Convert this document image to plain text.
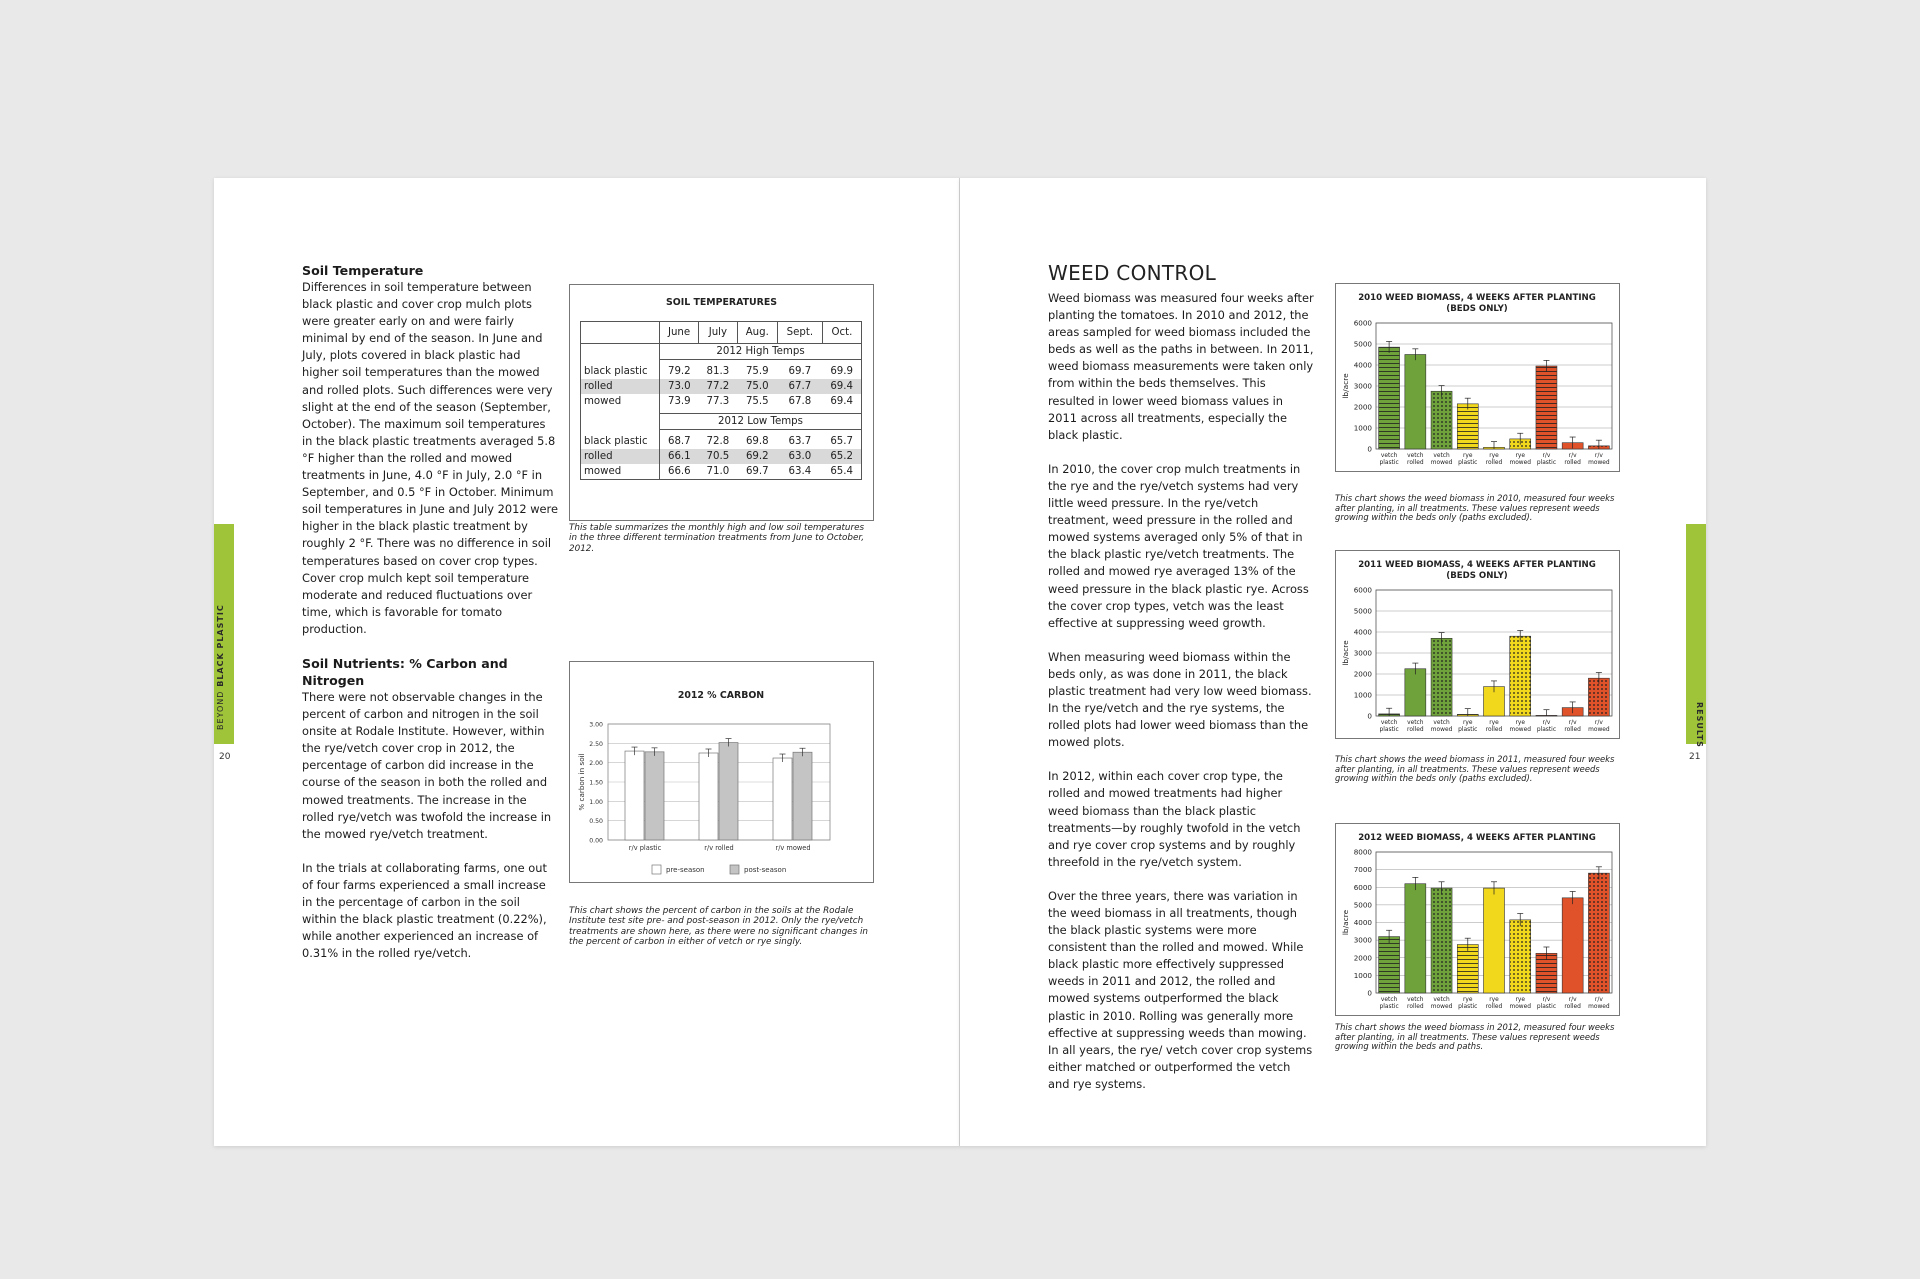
Soil Temperature

Differences in soil temperature between black plastic and cover crop mulch plots were greater early on and were fairly minimal by end of the season. In June and July, plots covered in black plastic had higher soil temperatures than the mowed and rolled plots. Such differences were very slight at the end of the season (September, October). The maximum soil temperatures in the black plastic treatments averaged 5.8 °F higher than the rolled and mowed treatments in June, 4.0 °F in July, 2.0 °F in September, and 0.5 °F in October. Minimum soil temperatures in June and July 2012 were higher in the black plastic treatment by roughly 2 °F. There was no difference in soil temperatures based on cover crop types. Cover crop mulch kept soil temperature moderate and reduced fluctuations over time, which is favorable for tomato production.

Soil Nutrients: % Carbon and Nitrogen

There were not observable changes in the percent of carbon and nitrogen in the soil onsite at Rodale Institute. However, within the rye/vetch cover crop in 2012, the percentage of carbon did increase in the course of the season in both the rolled and mowed treatments. The increase in the rolled rye/vetch was twofold the increase in the mowed rye/vetch treatment.

In the trials at collaborating farms, one out of four farms experienced a small increase in the percentage of carbon in the soil within the black plastic treatment (0.22%), while another experienced an increase of 0.31% in the rolled rye/vetch.

SOIL TEMPERATURES
	June	July	Aug.	Sept.	Oct.
	2012 High Temps				

black plastic	79.2	81.3	75.9	69.7	69.9
rolled	73.0	77.2	75.0	67.7	69.4
mowed	73.9	77.3	75.5	67.8	69.4

	2012 Low Temps				

black plastic	68.7	72.8	69.8	63.7	65.7
rolled	66.1	70.5	69.2	63.0	65.2
mowed	66.6	71.0	69.7	63.4	65.4
This table summarizes the monthly high and low soil temperatures in the three different termination treatments from June to October, 2012.
2012 % CARBON
0.00
0.50
1.00
1.50
2.00
2.50
3.00
% carbon in soil
r/v plastic	r/v rolled	r/v mowed
pre-season	post-season
This chart shows the percent of carbon in the soils at the Rodale Institute test site pre- and post-season in 2012. Only the rye/vetch treatments are shown here, as there were no significant changes in the percent of carbon in either of vetch or rye singly.
BEYOND BLACK PLASTIC
20
WEED CONTROL

Weed biomass was measured four weeks after planting the tomatoes. In 2010 and 2012, the areas sampled for weed biomass included the beds as well as the paths in between. In 2011, weed biomass measurements were taken only from within the beds themselves. This resulted in lower weed biomass values in 2011 across all treatments, especially the black plastic.

In 2010, the cover crop mulch treatments in the rye and the rye/vetch systems had very little weed pressure. In the rye/vetch treatment, weed pressure in the rolled and mowed systems averaged only 5% of that in the black plastic rye/vetch treatments. The rolled and mowed rye averaged 13% of the weed pressure in the black plastic rye. Across the cover crop types, vetch was the least effective at suppressing weed growth.

When measuring weed biomass within the beds only, as was done in 2011, the black plastic treatment had very low weed biomass. In the rye/vetch and the rye systems, the rolled plots had lower weed biomass than the mowed plots.

In 2012, within each cover crop type, the rolled and mowed treatments had higher weed biomass than the black plastic treatments—by roughly twofold in the vetch and rye cover crop systems and by roughly threefold in the rye/vetch system.

Over the three years, there was variation in the weed biomass in all treatments, though the black plastic systems were more consistent than the rolled and mowed. While black plastic more effectively suppressed weeds in 2011 and 2012, the rolled and mowed systems outperformed the black plastic in 2010. Rolling was generally more effective at suppressing weeds than mowing. In all years, the rye/ vetch cover crop systems either matched or outperformed the vetch and rye systems.

2010 WEED BIOMASS, 4 WEEKS AFTER PLANTING
(BEDS ONLY)
0
1000
2000
3000
4000
5000
6000
lb/acre
vetch
plastic
vetch
rolled
vetch
mowed
rye
plastic
rye
rolled
rye
mowed
r/v
plastic
r/v
rolled
r/v
mowed
This chart shows the weed biomass in 2010, measured four weeks after planting, in all treatments. These values represent weeds growing within the beds only (paths excluded).
2011 WEED BIOMASS, 4 WEEKS AFTER PLANTING
(BEDS ONLY)
0
1000
2000
3000
4000
5000
6000
lb/acre
vetch
plastic
vetch
rolled
vetch
mowed
rye
plastic
rye
rolled
rye
mowed
r/v
plastic
r/v
rolled
r/v
mowed
This chart shows the weed biomass in 2011, measured four weeks after planting, in all treatments. These values represent weeds growing within the beds only (paths excluded).
2012 WEED BIOMASS, 4 WEEKS AFTER PLANTING
0
1000
2000
3000
4000
5000
6000
7000
8000
lb/acre
vetch
plastic
vetch
rolled
vetch
mowed
rye
plastic
rye
rolled
rye
mowed
r/v
plastic
r/v
rolled
r/v
mowed
This chart shows the weed biomass in 2012, measured four weeks after planting, in all treatments. These values represent weeds growing within the beds and paths.
RESULTS
21
